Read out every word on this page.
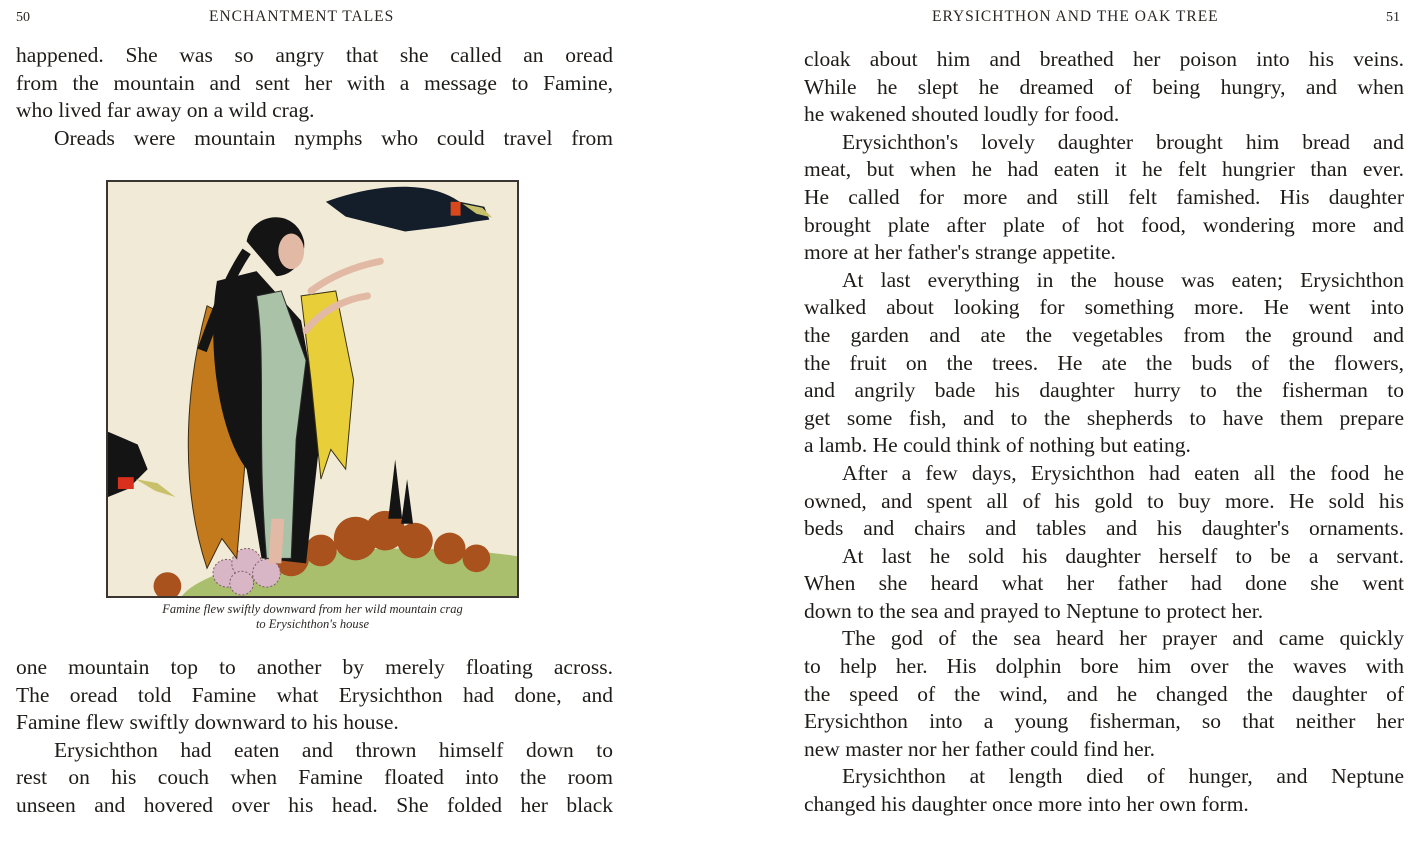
50	ENCHANTMENT TALES
happened. She was so angry that she called an oread
from the mountain and sent her with a message to Famine,
who lived far away on a wild crag.
Oreads were mountain nymphs who could travel from
Famine flew swiftly downward from her wild mountain crag
to Erysichthon's house
one mountain top to another by merely floating across.
The oread told Famine what Erysichthon had done, and
Famine flew swiftly downward to his house.
Erysichthon had eaten and thrown himself down to
rest on his couch when Famine floated into the room
unseen and hovered over his head. She folded her black
ERYSICHTHON AND THE OAK TREE	51
cloak about him and breathed her poison into his veins.
While he slept he dreamed of being hungry, and when
he wakened shouted loudly for food.
Erysichthon's lovely daughter brought him bread and
meat, but when he had eaten it he felt hungrier than ever.
He called for more and still felt famished. His daughter
brought plate after plate of hot food, wondering more and
more at her father's strange appetite.
At last everything in the house was eaten; Erysichthon
walked about looking for something more. He went into
the garden and ate the vegetables from the ground and
the fruit on the trees. He ate the buds of the flowers,
and angrily bade his daughter hurry to the fisherman to
get some fish, and to the shepherds to have them prepare
a lamb. He could think of nothing but eating.
After a few days, Erysichthon had eaten all the food he
owned, and spent all of his gold to buy more. He sold his
beds and chairs and tables and his daughter's ornaments.
At last he sold his daughter herself to be a servant.
When she heard what her father had done she went
down to the sea and prayed to Neptune to protect her.
The god of the sea heard her prayer and came quickly
to help her. His dolphin bore him over the waves with
the speed of the wind, and he changed the daughter of
Erysichthon into a young fisherman, so that neither her
new master nor her father could find her.
Erysichthon at length died of hunger, and Neptune
changed his daughter once more into her own form.
